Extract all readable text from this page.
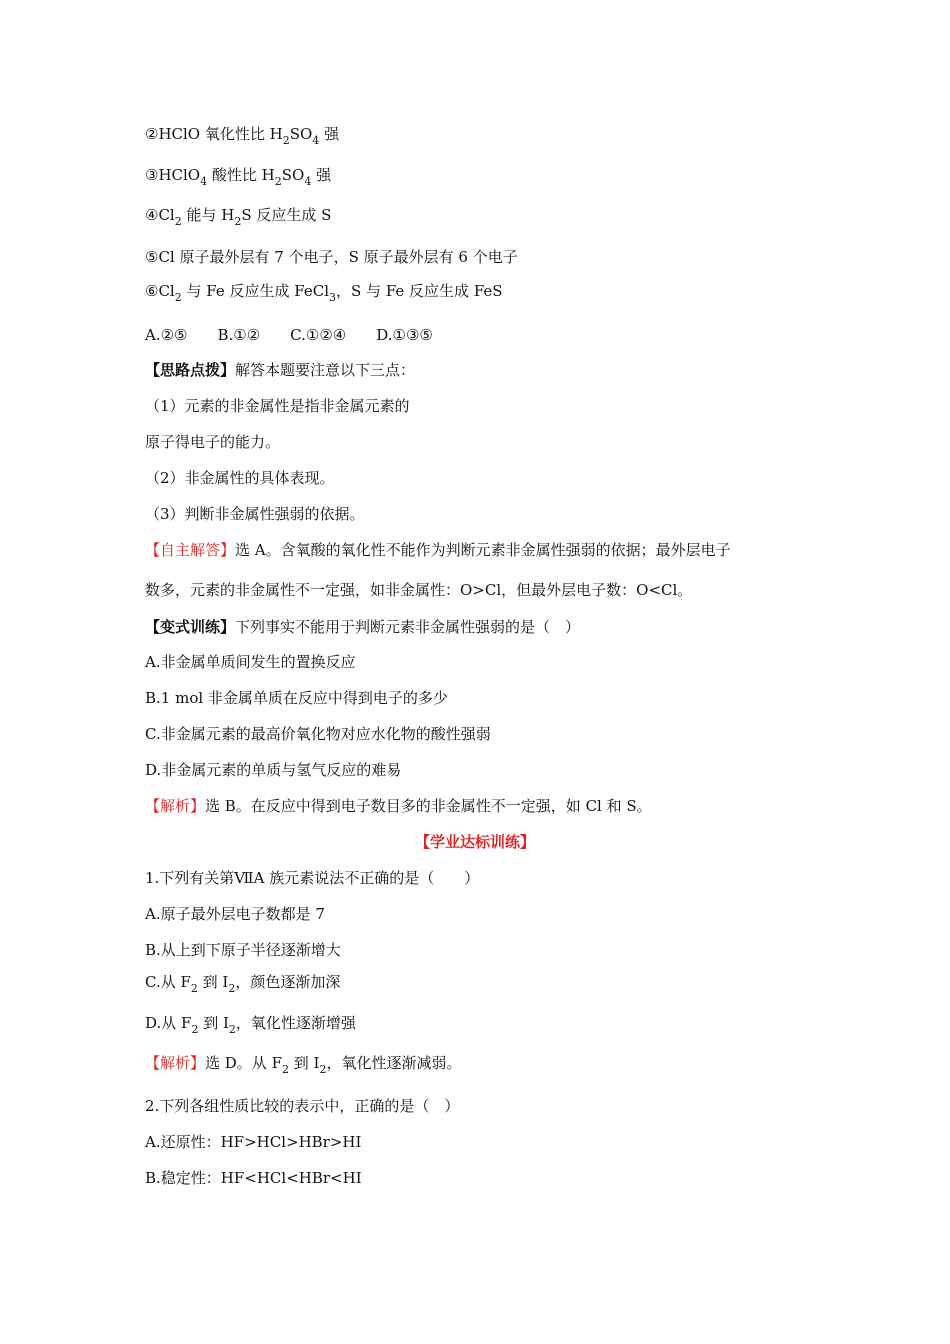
②HClO 氧化性比 $H_2SO_4$ 强
③HClO$_4$ 酸性比 $H_2SO_4$ 强
$④Cl_2$ 能与 $H_2S$ 反应生成 S
⑤Cl 原子最外层有 7 个电子，S 原子最外层有 6 个电子
$⑥Cl_2$ 与 Fe 反应生成 FeCl$_3$，S 与 Fe 反应生成 FeS
A.②⑤　　B.①②　　C.①②④　　D.①③⑤
【思路点拨】解答本题要注意以下三点：
（1）元素的非金属性是指非金属元素的
原子得电子的能力。
（2）非金属性的具体表现。
（3）判断非金属性强弱的依据。
【自主解答】选 A。含氧酸的氧化性不能作为判断元素非金属性强弱的依据；最外层电子
数多，元素的非金属性不一定强，如非金属性：O>Cl，但最外层电子数：O<Cl。
【变式训练】下列事实不能用于判断元素非金属性强弱的是（　）
A.非金属单质间发生的置换反应
B.1 mol 非金属单质在反应中得到电子的多少
C.非金属元素的最高价氧化物对应水化物的酸性强弱
D.非金属元素的单质与氢气反应的难易
【解析】选 B。在反应中得到电子数目多的非金属性不一定强，如 Cl 和 S。
【学业达标训练】
1.下列有关第ⅦA 族元素说法不正确的是（　　）
A.原子最外层电子数都是 7
B.从上到下原子半径逐渐增大
C.从 $F_2$ 到 $I_2$，颜色逐渐加深
D.从 $F_2$ 到 $I_2$，氧化性逐渐增强
【解析】选 D。从 $F_2$ 到 $I_2$，氧化性逐渐减弱。
2.下列各组性质比较的表示中，正确的是（　）
A.还原性：HF>HCl>HBr>HI
B.稳定性：HF<HCl<HBr<HI
